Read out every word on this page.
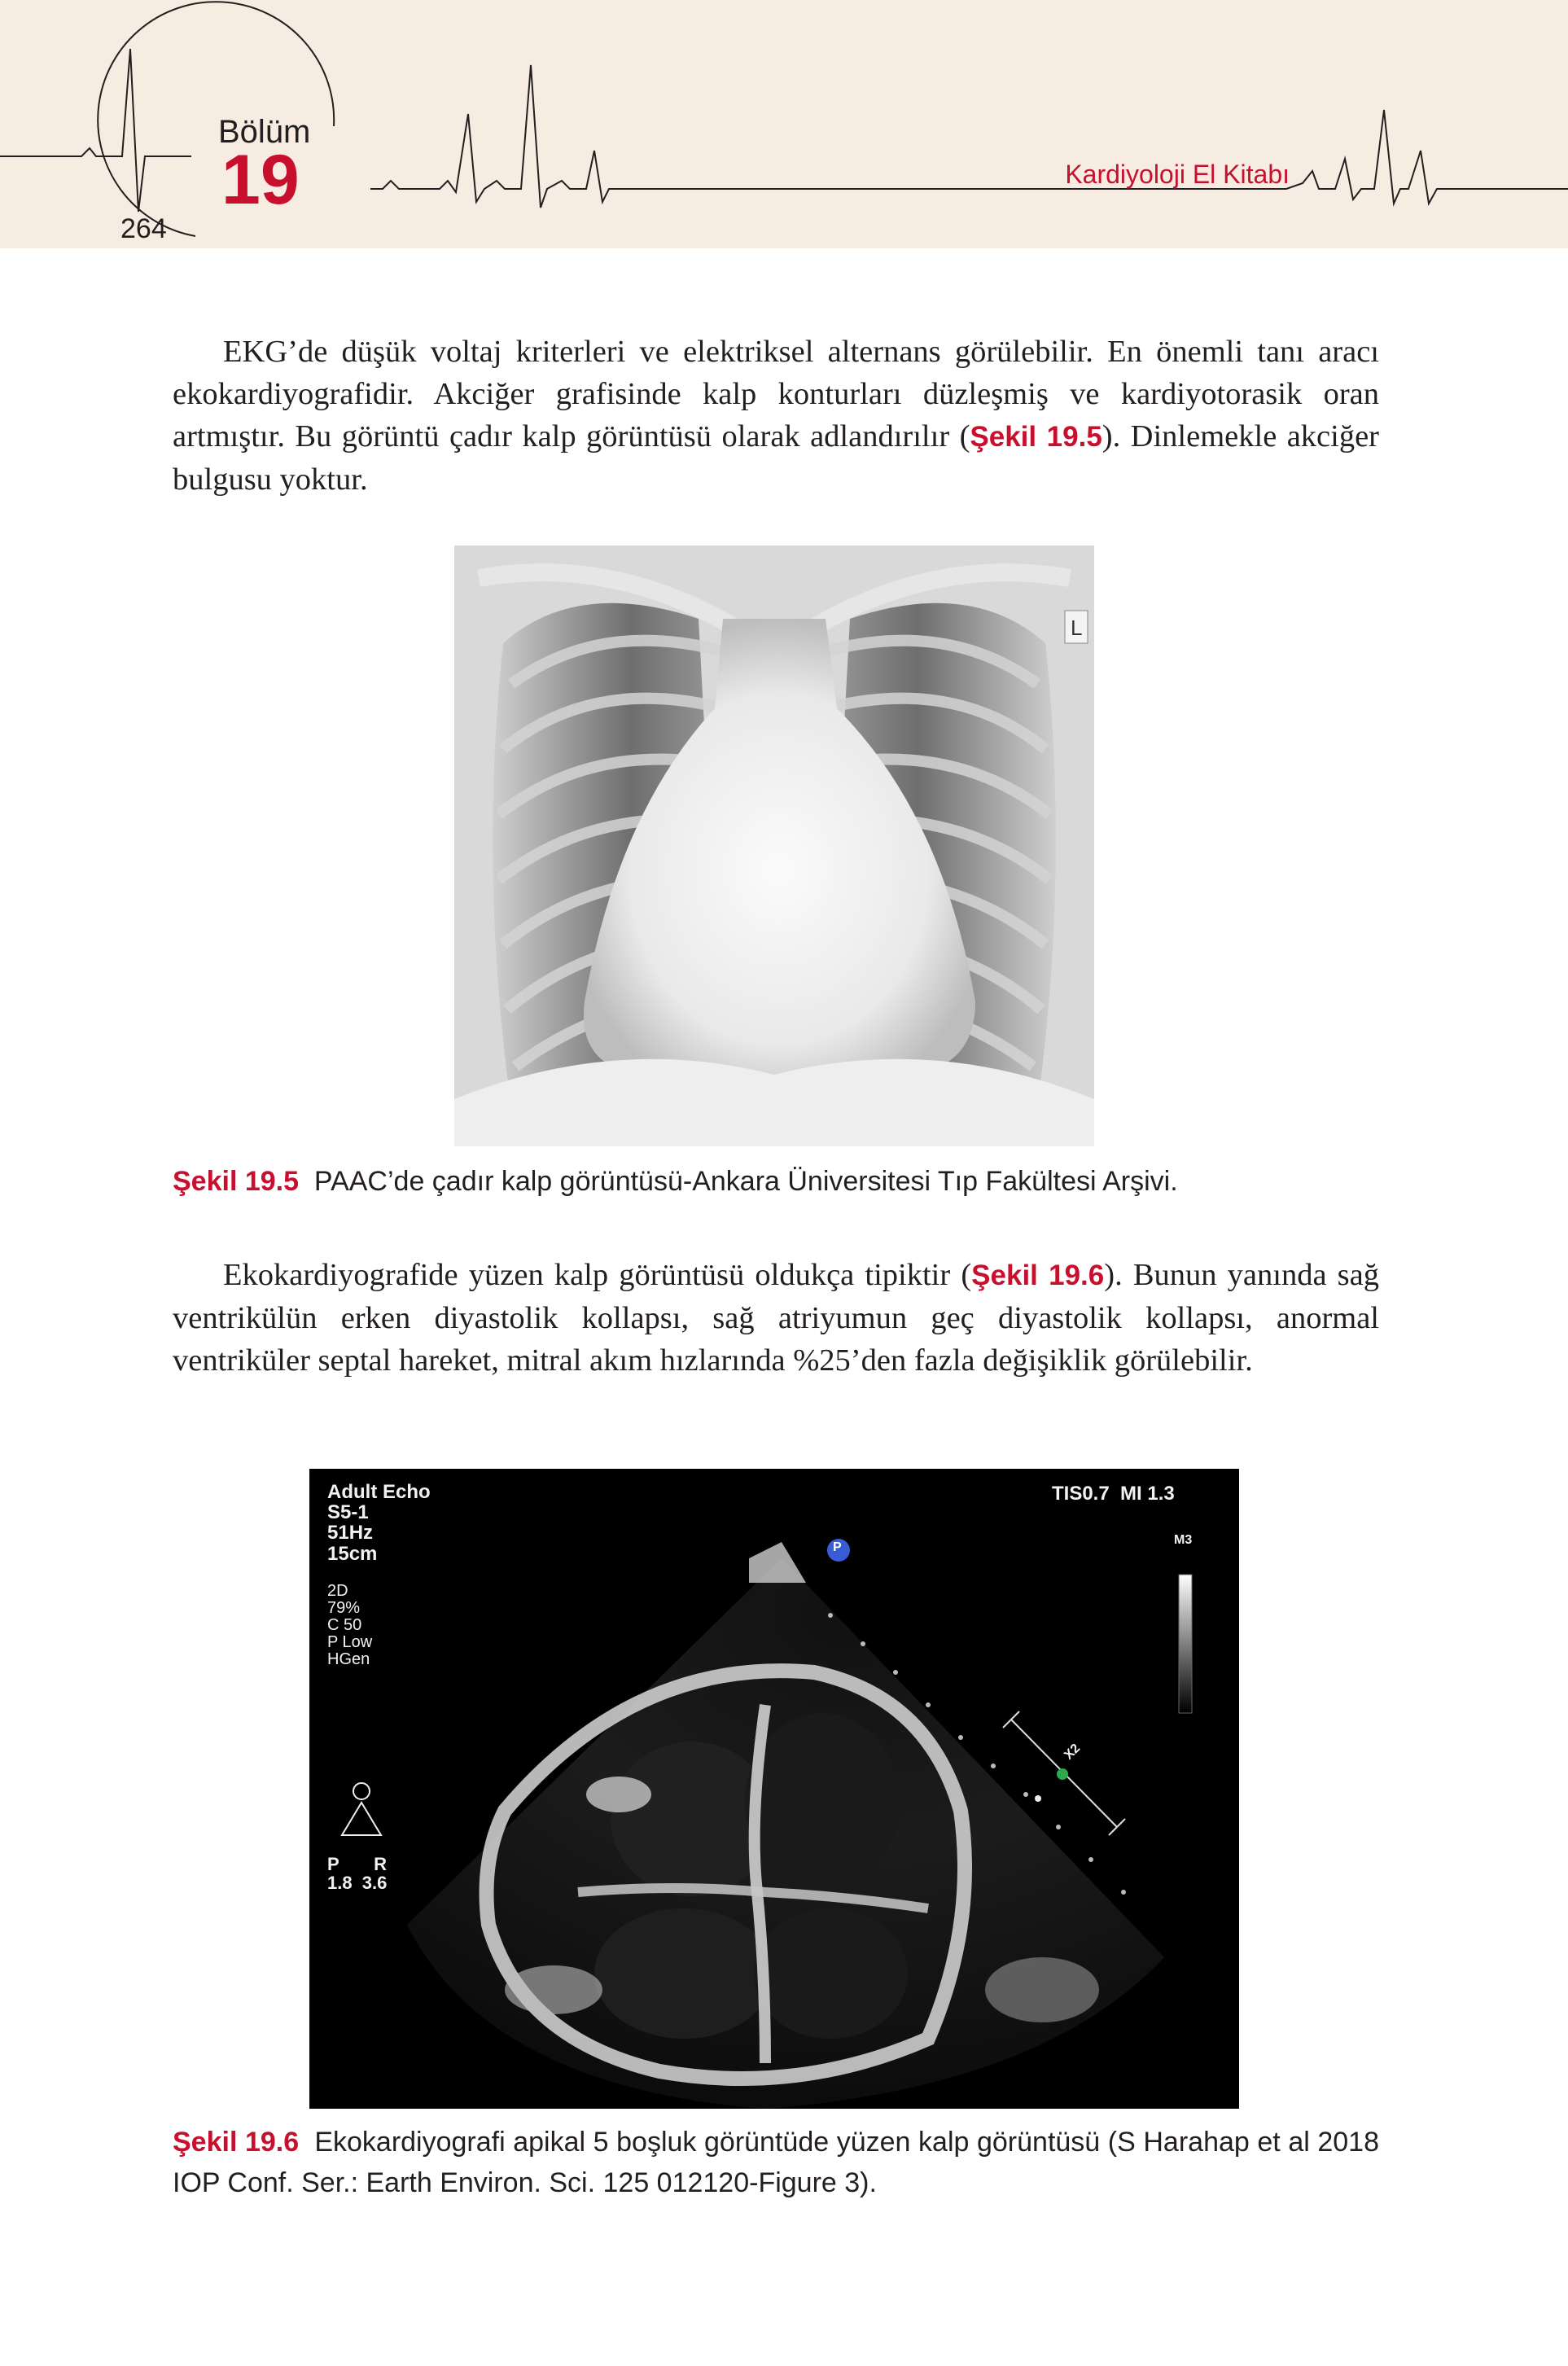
Bölüm
19
264
Kardiyoloji El Kitabı

EKG’de düşük voltaj kriterleri ve elektriksel alternans görülebilir. En önemli tanı aracı ekokardiyografidir. Akciğer grafisinde kalp konturları düzleşmiş ve kardiyotorasik oran artmıştır. Bu görüntü çadır kalp görüntüsü olarak adlandırılır (Şekil 19.5). Dinlemekle akciğer bulgusu yoktur.

L

Şekil 19.5 PAAC’de çadır kalp görüntüsü-Ankara Üniversitesi Tıp Fakültesi Arşivi.

Ekokardiyografide yüzen kalp görüntüsü oldukça tipiktir (Şekil 19.6). Bunun yanında sağ ventrikülün erken diyastolik kollapsı, sağ atriyumun geç diyastolik kollapsı, anormal ventriküler septal hareket, mitral akım hızlarında %25’den fazla değişiklik görülebilir.

Adult Echo
S5-1
51Hz
15cm
2D
79%
C 50
P Low
HGen
TIS0.7  MI 1.3
M3
P       R
1.8  3.6
P
X2

Şekil 19.6 Ekokardiyografi apikal 5 boşluk görüntüde yüzen kalp görüntüsü (S Harahap et al 2018 IOP Conf. Ser.: Earth Environ. Sci. 125 012120-Figure 3).
